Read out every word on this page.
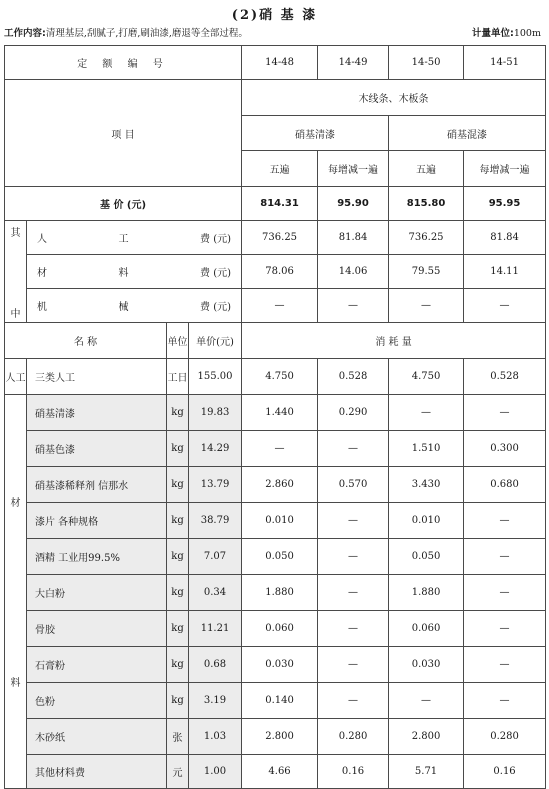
(2)硝 基 漆
工作内容:清理基层,刮腻子,打磨,刷油漆,磨退等全部过程。	计量单位:100m
定 额 编 号				14-48	14-49	14-50	14-51
项 目				木线条、木板条			
				硝基清漆		硝基混漆	
				五遍	每增减一遍	五遍	每增减一遍
基 价 (元)				814.31	95.90	815.80	95.95

其
中	人 工 费 (元)			736.25	81.84	736.25	81.84

	材 料 费 (元)			78.06	14.06	79.55	14.11

	机 械 费 (元)			—	—	—	—
名 称		单位	单价(元)	消 耗 量			
人工	三类人工	工日	155.00	4.750	0.528	4.750	0.528

材
料	硝基清漆	kg	19.83	1.440	0.290	—	—
	硝基色漆	kg	14.29	—	—	1.510	0.300
	硝基漆稀释剂 信那水	kg	13.79	2.860	0.570	3.430	0.680
	漆片 各种规格	kg	38.79	0.010	—	0.010	—
	酒精 工业用99.5%	kg	7.07	0.050	—	0.050	—
	大白粉	kg	0.34	1.880	—	1.880	—
	骨胶	kg	11.21	0.060	—	0.060	—
	石膏粉	kg	0.68	0.030	—	0.030	—
	色粉	kg	3.19	0.140	—	—	—
	木砂纸	张	1.03	2.800	0.280	2.800	0.280
	其他材料费	元	1.00	4.66	0.16	5.71	0.16
